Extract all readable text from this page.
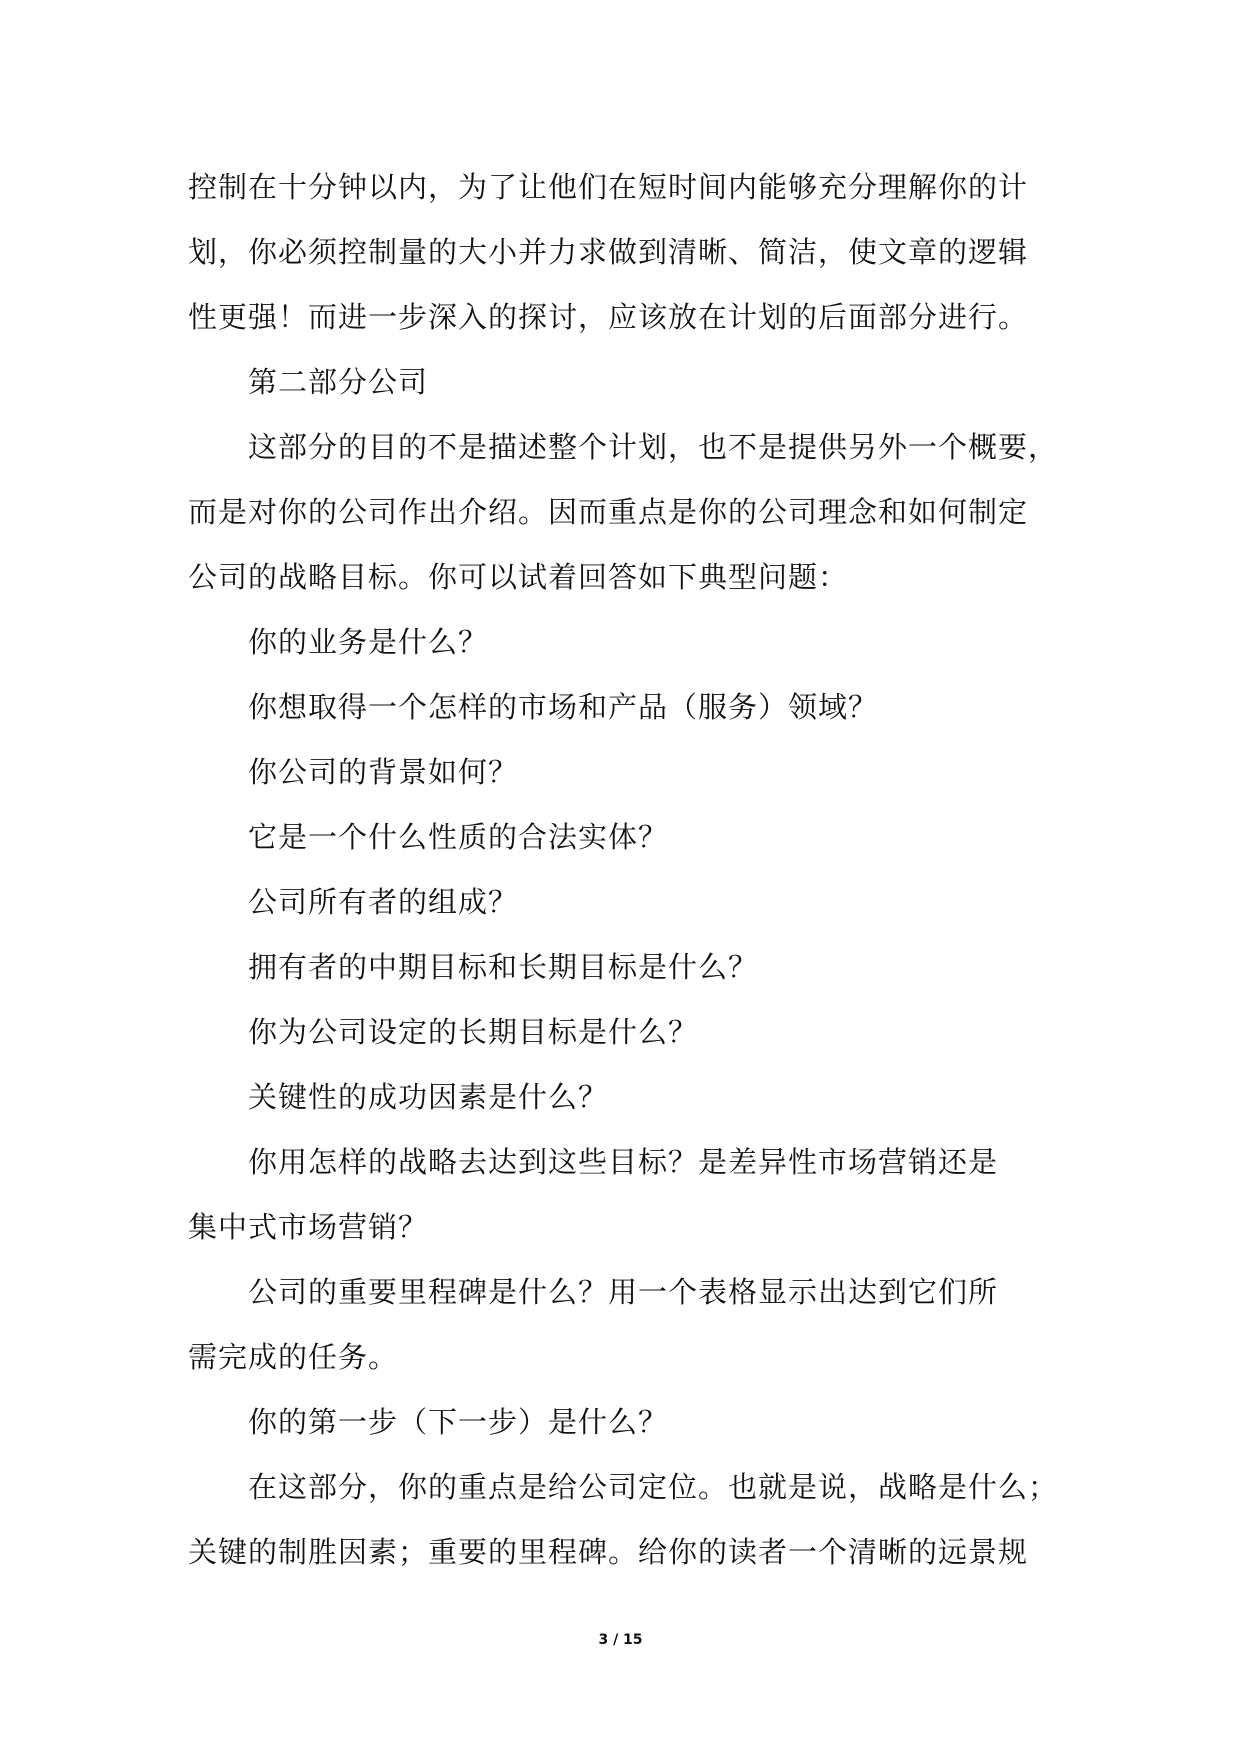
控制在十分钟以内，为了让他们在短时间内能够充分理解你的计
划，你必须控制量的大小并力求做到清晰、简洁，使文章的逻辑
性更强！而进一步深入的探讨，应该放在计划的后面部分进行。
第二部分公司
这部分的目的不是描述整个计划，也不是提供另外一个概要，
而是对你的公司作出介绍。因而重点是你的公司理念和如何制定
公司的战略目标。你可以试着回答如下典型问题：
你的业务是什么？
你想取得一个怎样的市场和产品（服务）领域？
你公司的背景如何？
它是一个什么性质的合法实体？
公司所有者的组成？
拥有者的中期目标和长期目标是什么？
你为公司设定的长期目标是什么？
关键性的成功因素是什么？
你用怎样的战略去达到这些目标？是差异性市场营销还是
集中式市场营销？
公司的重要里程碑是什么？用一个表格显示出达到它们所
需完成的任务。
你的第一步（下一步）是什么？
在这部分，你的重点是给公司定位。也就是说，战略是什么；
关键的制胜因素；重要的里程碑。给你的读者一个清晰的远景规
3 / 15
